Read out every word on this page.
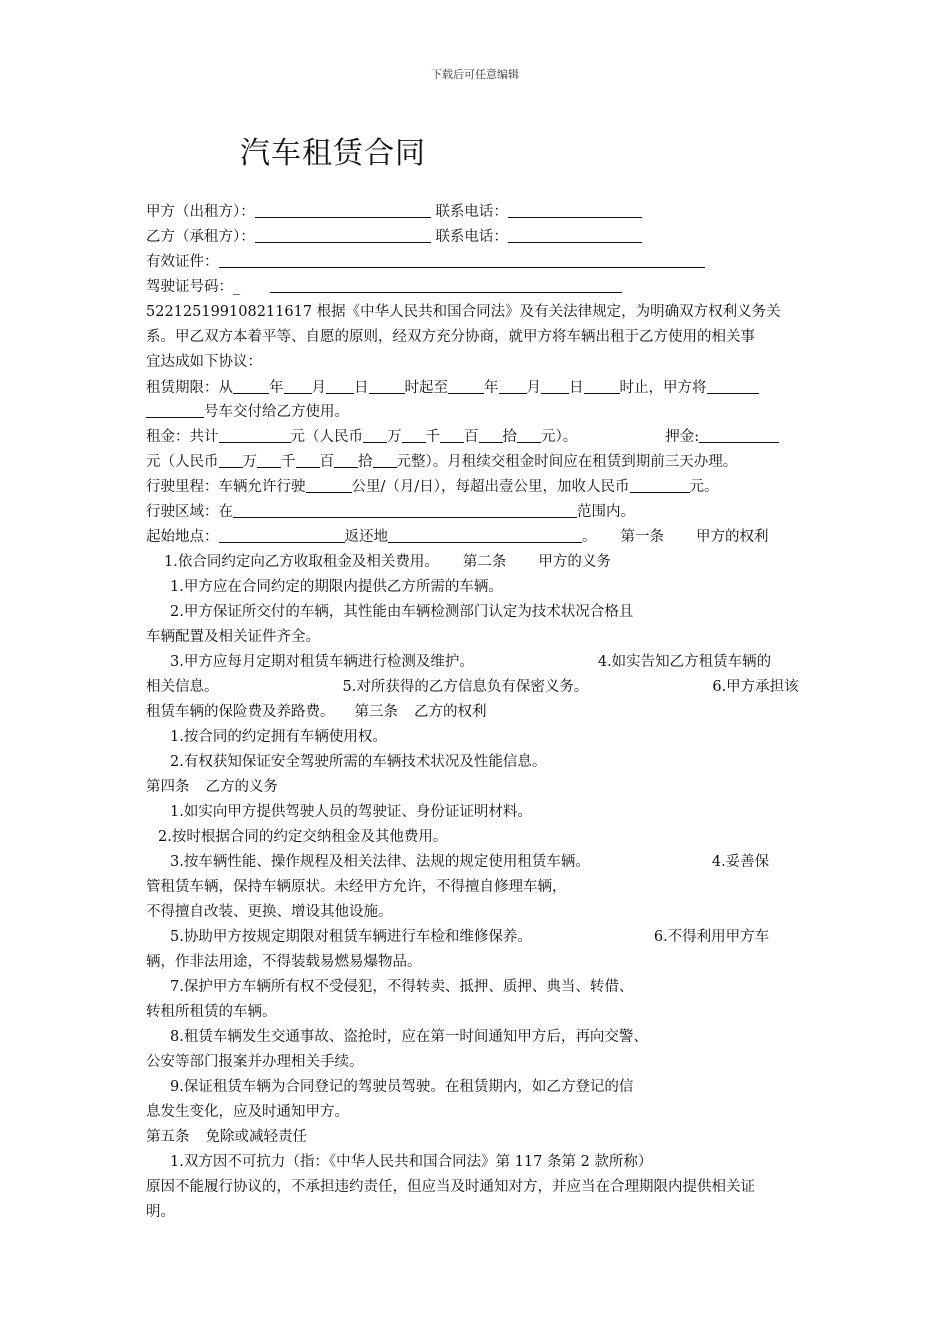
下载后可任意编辑
汽车租赁合同
甲方（出租方）：	联系电话：
乙方（承租方）：	联系电话：
有效证件：
驾驶证号码：_
522125199108211617 根据《中华人民共和国合同法》及有关法律规定，为明确双方权利义务关
系。甲乙双方本着平等、自愿的原则，经双方充分协商，就甲方将车辆出租于乙方使用的相关事
宜达成如下协议：
租赁期限：从 年 月 日 时起至 年 月 日 时止，甲方将
号车交付给乙方使用。
租金：共计	元（人民币 万 千 百 拾 元）。	押金:
元（人民币 万 千 百 拾 元整）。月租续交租金时间应在租赁到期前三天办理。
行驶里程：车辆允许行驶	公里/（月/日），每超出壹公里，加收人民币	元。
行驶区域：在	范围内。
起始地点：	返还地	。 第一条 甲方的权利
1.依合同约定向乙方收取租金及相关费用。 第二条 甲方的义务
1.甲方应在合同约定的期限内提供乙方所需的车辆。
2.甲方保证所交付的车辆，其性能由车辆检测部门认定为技术状况合格且
车辆配置及相关证件齐全。
3.甲方应每月定期对租赁车辆进行检测及维护。	4.如实告知乙方租赁车辆的
相关信息。	5.对所获得的乙方信息负有保密义务。	6.甲方承担该
租赁车辆的保险费及养路费。 第三条 乙方的权利
1.按合同的约定拥有车辆使用权。
2.有权获知保证安全驾驶所需的车辆技术状况及性能信息。
第四条 乙方的义务
1.如实向甲方提供驾驶人员的驾驶证、身份证证明材料。
2.按时根据合同的约定交纳租金及其他费用。
3.按车辆性能、操作规程及相关法律、法规的规定使用租赁车辆。	4.妥善保
管租赁车辆，保持车辆原状。未经甲方允许，不得擅自修理车辆，
不得擅自改装、更换、增设其他设施。
5.协助甲方按规定期限对租赁车辆进行车检和维修保养。	6.不得利用甲方车
辆，作非法用途，不得装载易燃易爆物品。
7.保护甲方车辆所有权不受侵犯，不得转卖、抵押、质押、典当、转借、
转租所租赁的车辆。
8.租赁车辆发生交通事故、盗抢时，应在第一时间通知甲方后，再向交警、
公安等部门报案并办理相关手续。
9.保证租赁车辆为合同登记的驾驶员驾驶。在租赁期内，如乙方登记的信
息发生变化，应及时通知甲方。
第五条 免除或减轻责任
1.双方因不可抗力（指：《中华人民共和国合同法》第 117 条第 2 款所称）
原因不能履行协议的，不承担违约责任，但应当及时通知对方，并应当在合理期限内提供相关证
明。
